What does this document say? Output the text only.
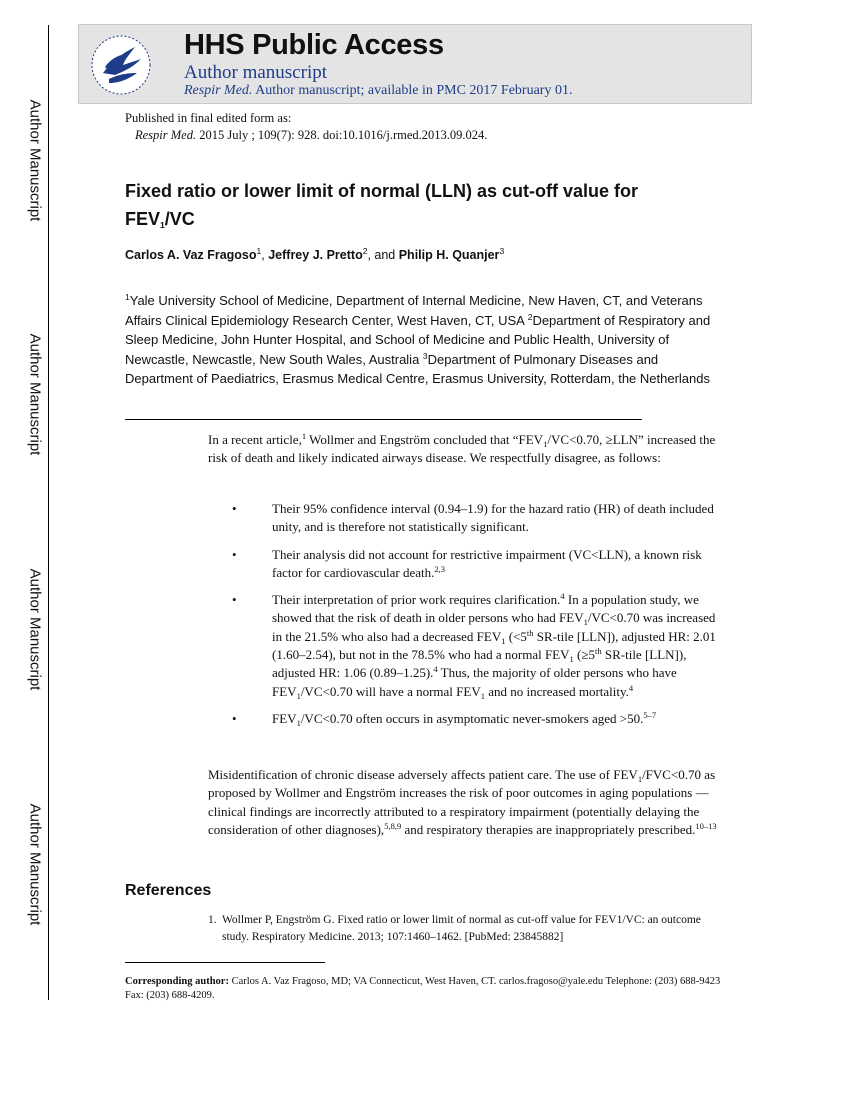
Author Manuscript
Author Manuscript
Author Manuscript
Author Manuscript
HHS Public Access
Author manuscript
Respir Med. Author manuscript; available in PMC 2017 February 01.
Published in final edited form as:
Respir Med. 2015 July ; 109(7): 928. doi:10.1016/j.rmed.2013.09.024.
Fixed ratio or lower limit of normal (LLN) as cut-off value for
$FEV_1/VC$
Carlos A. Vaz Fragoso$^1$, Jeffrey J. Pretto$^2$, and Philip H. Quanjer$^3$
$^1$Yale University School of Medicine, Department of Internal Medicine, New Haven, CT, and Veterans Affairs Clinical Epidemiology Research Center, West Haven, CT, USA $^2$Department of Respiratory and Sleep Medicine, John Hunter Hospital, and School of Medicine and Public Health, University of Newcastle, Newcastle, New South Wales, Australia $^3$Department of Pulmonary Diseases and Department of Paediatrics, Erasmus Medical Centre, Erasmus University, Rotterdam, the Netherlands
In a recent article,$^1$ Wollmer and Engström concluded that “$FEV_1/VC<0.70$, ≥LLN” increased the risk of death and likely indicated airways disease. We respectfully disagree, as follows:
•	Their 95% confidence interval (0.94–1.9) for the hazard ratio (HR) of death included unity, and is therefore not statistically significant.
•	Their analysis did not account for restrictive impairment (VC<LLN), a known risk factor for cardiovascular death.$^{2,3}$
•	Their interpretation of prior work requires clarification.$^4$ In a population study, we showed that the risk of death in older persons who had $FEV_1/VC<0.70$ was increased in the 21.5% who also had a decreased $FEV_1$ (<5th SR-tile [LLN]), adjusted HR: 2.01 (1.60–2.54), but not in the 78.5% who had a normal $FEV_1$ (≥5th SR-tile [LLN]), adjusted HR: 1.06 (0.89–1.25).$^4$ Thus, the majority of older persons who have $FEV_1/VC<0.70$ will have a normal $FEV_1$ and no increased mortality.$^4$
•	$FEV_1/VC<0.70$ often occurs in asymptomatic never-smokers aged >50.$^{5-7}$
Misidentification of chronic disease adversely affects patient care. The use of $FEV_1/FVC<0.70$ as proposed by Wollmer and Engström increases the risk of poor outcomes in aging populations — clinical findings are incorrectly attributed to a respiratory impairment (potentially delaying the consideration of other diagnoses),$^{5,8,9}$ and respiratory therapies are inappropriately prescribed.$^{10-13}$
References
1. Wollmer P, Engström G. Fixed ratio or lower limit of normal as cut-off value for FEV1/VC: an outcome study. Respiratory Medicine. 2013; 107:1460–1462. [PubMed: 23845882]
Corresponding author: Carlos A. Vaz Fragoso, MD; VA Connecticut, West Haven, CT. carlos.fragoso@yale.edu Telephone: (203) 688-9423 Fax: (203) 688-4209.
